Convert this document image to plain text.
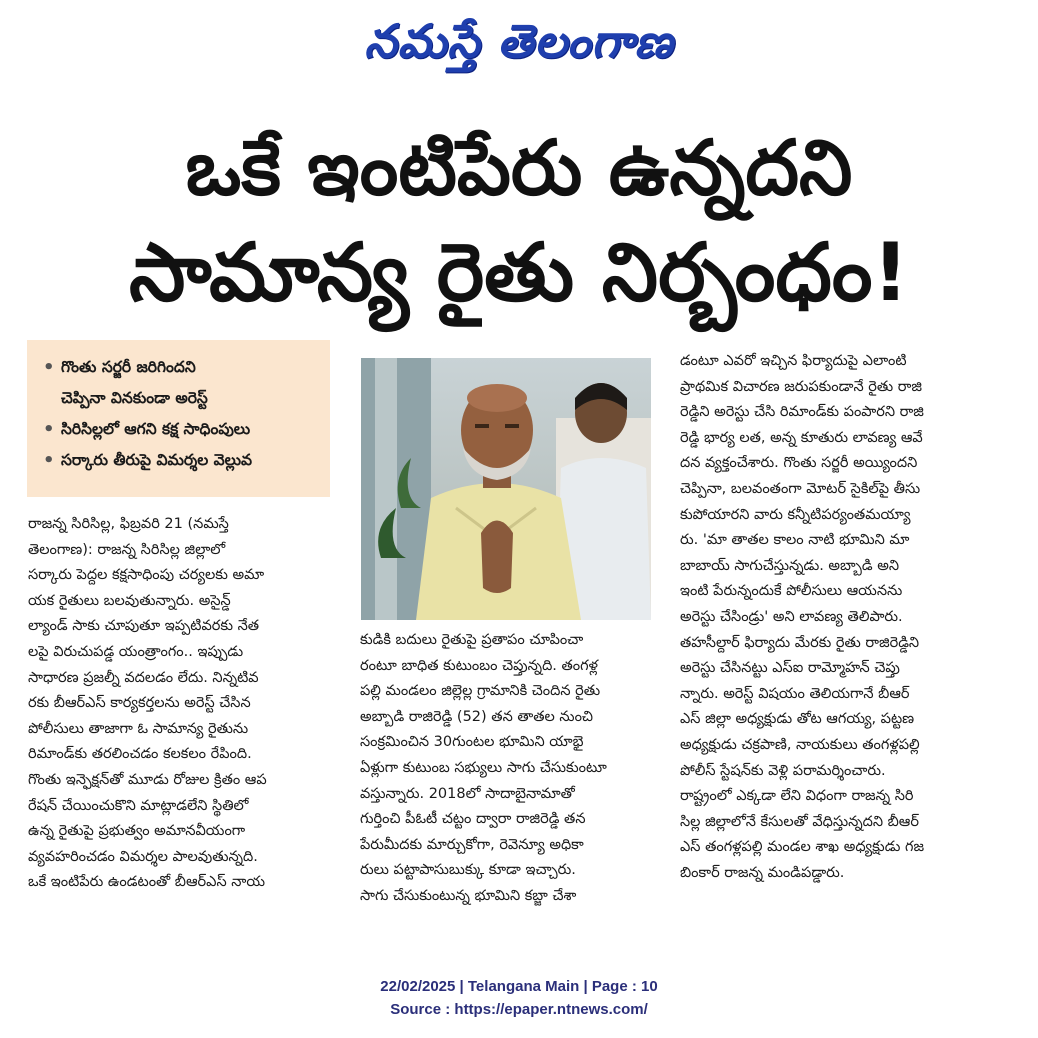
నమస్తే తెలంగాణ
ఒకే ఇంటిపేరు ఉన్నదని
సామాన్య రైతు నిర్బంధం!
• గొంతు సర్జరీ జరిగిందని
చెప్పినా వినకుండా అరెస్ట్
• సిరిసిల్లలో ఆగని కక్ష సాధింపులు
• సర్కారు తీరుపై విమర్శల వెల్లువ
రాజన్న సిరిసిల్ల, ఫిబ్రవరి 21 (నమస్తే
తెలంగాణ): రాజన్న సిరిసిల్ల జిల్లాలో
సర్కారు పెద్దల కక్షసాధింపు చర్యలకు అమా
యక రైతులు బలవుతున్నారు. అసైన్డ్
ల్యాండ్ సాకు చూపుతూ ఇప్పటివరకు నేత
లపై విరుచుపడ్డ యంత్రాంగం.. ఇప్పుడు
సాధారణ ప్రజల్నీ వదలడం లేదు. నిన్నటివ
రకు బీఆర్ఎస్ కార్యకర్తలను అరెస్ట్ చేసిన
పోలీసులు తాజాగా ఓ సామాన్య రైతును
రిమాండ్‌కు తరలించడం కలకలం రేపింది.
గొంతు ఇన్ఫెక్షన్‌తో మూడు రోజుల క్రితం ఆప
రేషన్ చేయించుకొని మాట్లాడలేని స్థితిలో
ఉన్న రైతుపై ప్రభుత్వం అమానవీయంగా
వ్యవహరించడం విమర్శల పాలవుతున్నది.
ఒకే ఇంటిపేరు ఉండటంతో బీఆర్ఎస్ నాయ
కుడికి బదులు రైతుపై ప్రతాపం చూపించా
రంటూ బాధిత కుటుంబం చెప్తున్నది. తంగళ్ల
పల్లి మండలం జిల్లెల్ల గ్రామానికి చెందిన రైతు
అబ్బాడి రాజిరెడ్డి (52) తన తాతల నుంచి
సంక్రమించిన 30గుంటల భూమిని యాభై
ఏళ్లుగా కుటుంబ సభ్యులు సాగు చేసుకుంటూ
వస్తున్నారు. 2018లో సాదాబైనామాతో
గుర్తించి పీఓటీ చట్టం ద్వారా రాజిరెడ్డి తన
పేరుమీదకు మార్చుకోగా, రెవెన్యూ అధికా
రులు పట్టాపాసుబుక్కు కూడా ఇచ్చారు.
సాగు చేసుకుంటున్న భూమిని కబ్జా చేశా
డంటూ ఎవరో ఇచ్చిన ఫిర్యాదుపై ఎలాంటి
ప్రాథమిక విచారణ జరుపకుండానే రైతు రాజి
రెడ్డిని అరెస్టు చేసి రిమాండ్‌కు పంపారని రాజి
రెడ్డి భార్య లత, అన్న కూతురు లావణ్య ఆవే
దన వ్యక్తంచేశారు. గొంతు సర్జరీ అయ్యిందని
చెప్పినా, బలవంతంగా మోటర్ సైకిల్‌పై తీసు
కుపోయారని వారు కన్నీటిపర్యంతమయ్యా
రు. 'మా తాతల కాలం నాటి భూమిని మా
బాబాయ్ సాగుచేస్తున్నడు. అబ్బాడి అని
ఇంటి పేరున్నందుకే పోలీసులు ఆయనను
అరెస్టు చేసిండ్రు' అని లావణ్య తెలిపారు.
తహసీల్దార్ ఫిర్యాదు మేరకు రైతు రాజిరెడ్డిని
అరెస్టు చేసినట్టు ఎస్ఐ రామ్మోహన్ చెప్తు
న్నారు. అరెస్ట్ విషయం తెలియగానే బీఆర్
ఎస్ జిల్లా అధ్యక్షుడు తోట ఆగయ్య, పట్టణ
అధ్యక్షుడు చక్రపాణి, నాయకులు తంగళ్లపల్లి
పోలీస్ స్టేషన్‌కు వెళ్లి పరామర్శించారు.
రాష్ట్రంలో ఎక్కడా లేని విధంగా రాజన్న సిరి
సిల్ల జిల్లాలోనే కేసులతో వేధిస్తున్నదని బీఆర్
ఎస్ తంగళ్లపల్లి మండల శాఖ అధ్యక్షుడు గజ
బింకార్ రాజన్న మండిపడ్డారు.
22/02/2025 | Telangana Main | Page : 10
Source : https://epaper.ntnews.com/
